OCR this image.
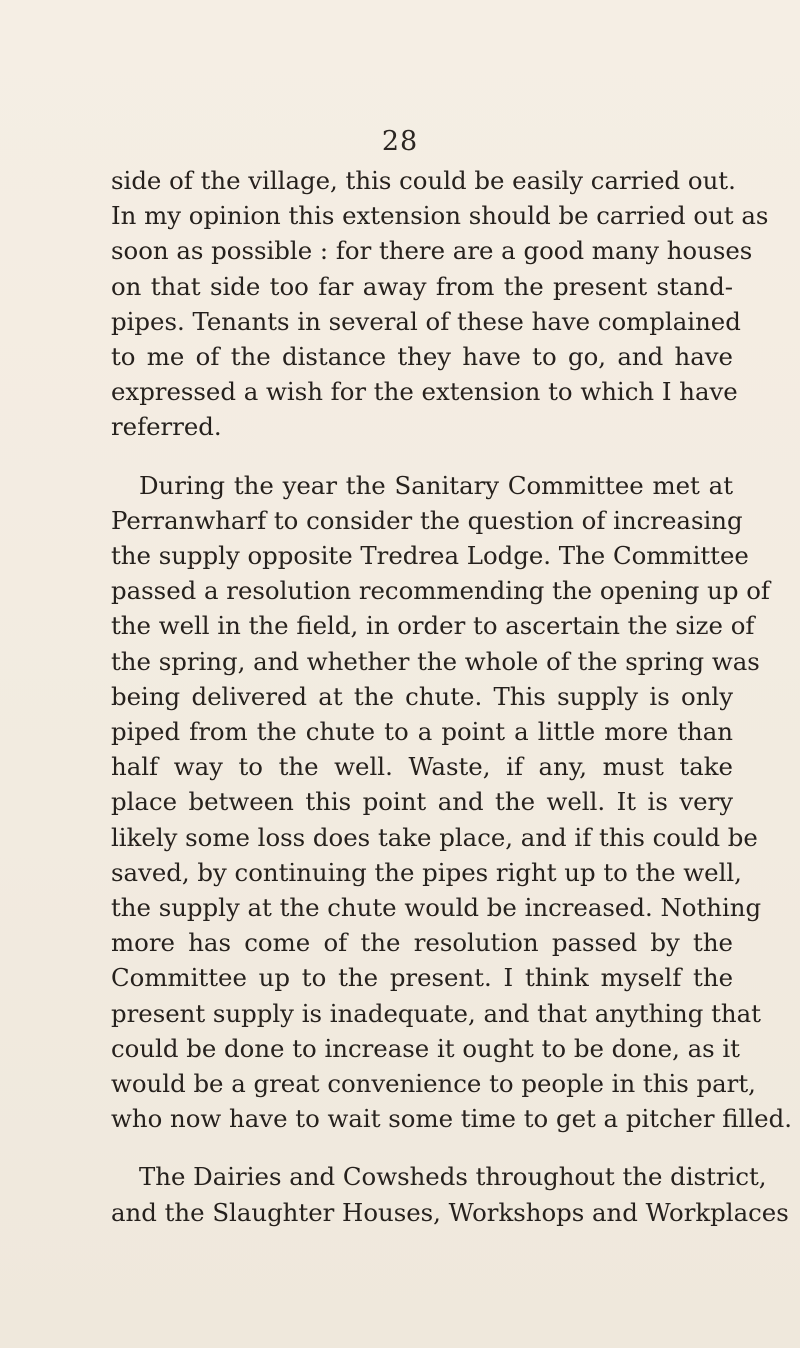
28

side of the village, this could be easily carried out.
In my opinion this extension should be carried out as
soon as possible : for there are a good many houses
on that side too far away from the present stand-
pipes. Tenants in several of these have complained
to me of the distance they have to go, and have
expressed a wish for the extension to which I have
referred.

During the year the Sanitary Committee met at
Perranwharf to consider the question of increasing
the supply opposite Tredrea Lodge. The Committee
passed a resolution recommending the opening up of
the well in the field, in order to ascertain the size of
the spring, and whether the whole of the spring was
being delivered at the chute. This supply is only
piped from the chute to a point a little more than
half way to the well. Waste, if any, must take
place between this point and the well. It is very
likely some loss does take place, and if this could be
saved, by continuing the pipes right up to the well,
the supply at the chute would be increased. Nothing
more has come of the resolution passed by the
Committee up to the present. I think myself the
present supply is inadequate, and that anything that
could be done to increase it ought to be done, as it
would be a great convenience to people in this part,
who now have to wait some time to get a pitcher filled.

The Dairies and Cowsheds throughout the district,
and the Slaughter Houses, Workshops and Workplaces
